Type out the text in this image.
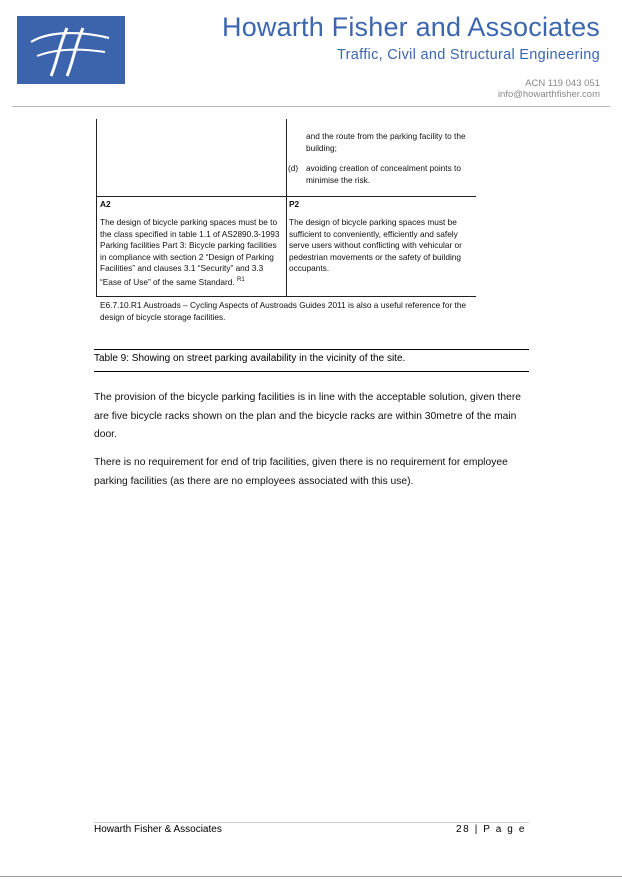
Howarth Fisher and Associates
Traffic, Civil and Structural Engineering
ACN 119 043 051
info@howarthfisher.com
and the route from the parking facility to the building;
(d) avoiding creation of concealment points to minimise the risk.
A2	P2
The design of bicycle parking spaces must be to the class specified in table 1.1 of AS2890.3-1993 Parking facilities Part 3: Bicycle parking facilities in compliance with section 2 “Design of Parking Facilities” and clauses 3.1 “Security” and 3.3 “Ease of Use” of the same Standard. $^{R1}$
The design of bicycle parking spaces must be sufficient to conveniently, efficiently and safely serve users without conflicting with vehicular or pedestrian movements or the safety of building occupants.
E6.7.10.R1 Austroads – Cycling Aspects of Austroads Guides 2011 is also a useful reference for the design of bicycle storage facilities.
Table 9: Showing on street parking availability in the vicinity of the site.
The provision of the bicycle parking facilities is in line with the acceptable solution, given there are five bicycle racks shown on the plan and the bicycle racks are within 30metre of the main door.
There is no requirement for end of trip facilities, given there is no requirement for employee parking facilities (as there are no employees associated with this use).
Howarth Fisher & Associates	28 | P a g e
